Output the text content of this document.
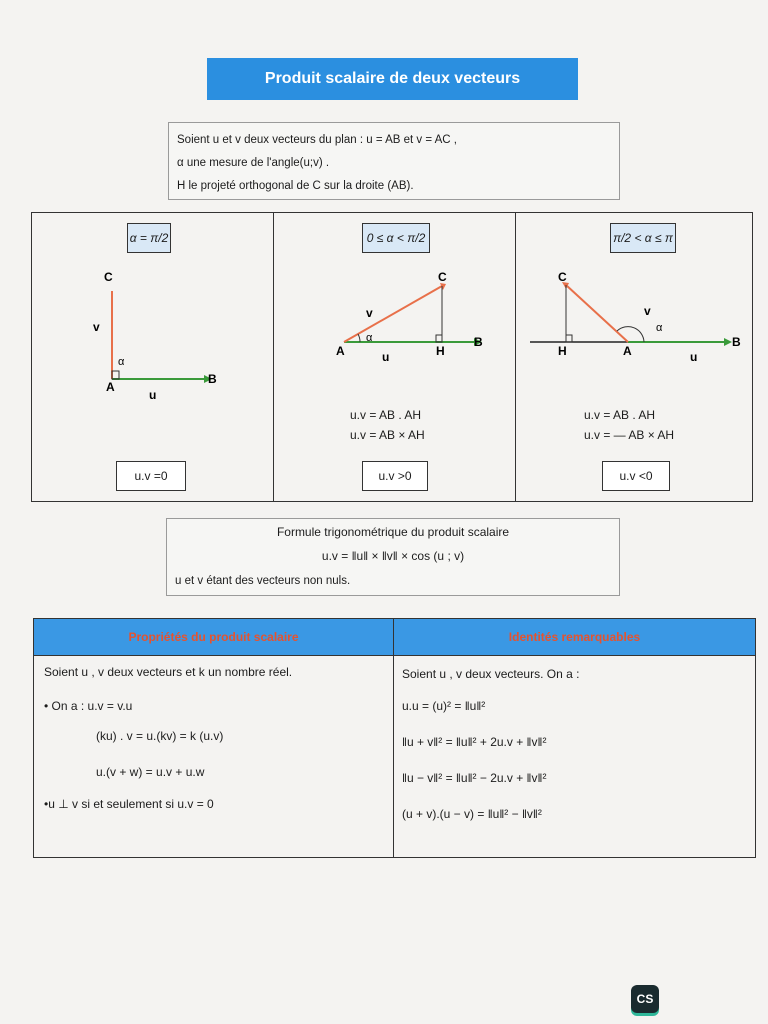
Produit scalaire de deux vecteurs
Soient u et v deux vecteurs du plan : u = AB et v = AC ,
α une mesure de l'angle(u;v) .
H le projeté orthogonal de C sur la droite (AB).
α = π/2
C
A
B
v
u
α
u.v =0
0 ≤ α < π/2
C
A	H
B
v
u
α
u.v = AB . AH
u.v = AB × AH
u.v >0
π/2 < α ≤ π
C
H	A
B
v
u
α
u.v = AB . AH
u.v = — AB × AH
u.v <0
Formule trigonométrique du produit scalaire
u.v = ‖u‖ × ‖v‖ × cos (u ; v)
u et v étant des vecteurs non nuls.
Propriétés du produit scalaire
Soient u , v deux vecteurs et k un nombre réel.
• On a : u.v = v.u
(ku) . v = u.(kv) = k (u.v)
u.(v + w) = u.v + u.w
•u ⊥ v si et seulement si u.v = 0
Identités remarquables
Soient u , v deux vecteurs. On a :
u.u = (u)² = ‖u‖²
‖u + v‖² = ‖u‖² + 2u.v + ‖v‖²
‖u − v‖² = ‖u‖² − 2u.v + ‖v‖²
(u + v).(u − v) = ‖u‖² − ‖v‖²
CS
